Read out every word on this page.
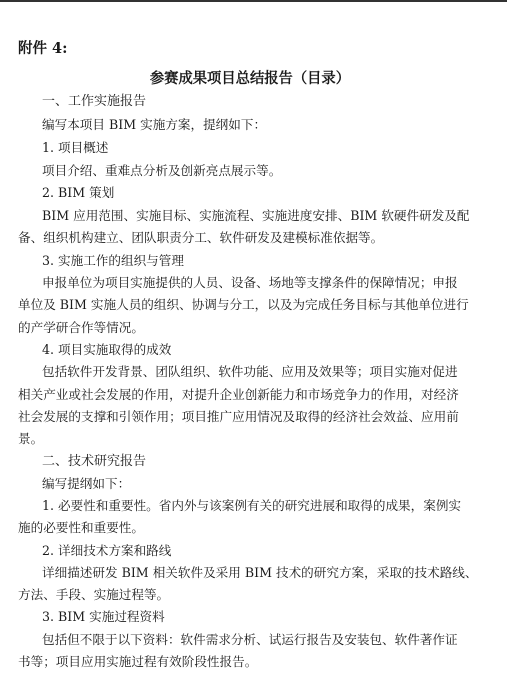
附件 4:
参赛成果项目总结报告（目录）
一、工作实施报告
编写本项目 BIM 实施方案，提纲如下：
1. 项目概述
项目介绍、重难点分析及创新亮点展示等。
2. BIM 策划
BIM 应用范围、实施目标、实施流程、实施进度安排、BIM 软硬件研发及配
备、组织机构建立、团队职责分工、软件研发及建模标准依据等。
3. 实施工作的组织与管理
申报单位为项目实施提供的人员、设备、场地等支撑条件的保障情况；申报
单位及 BIM 实施人员的组织、协调与分工，以及为完成任务目标与其他单位进行
的产学研合作等情况。
4. 项目实施取得的成效
包括软件开发背景、团队组织、软件功能、应用及效果等；项目实施对促进
相关产业或社会发展的作用，对提升企业创新能力和市场竞争力的作用，对经济
社会发展的支撑和引领作用；项目推广应用情况及取得的经济社会效益、应用前
景。
二、技术研究报告
编写提纲如下：
1. 必要性和重要性。省内外与该案例有关的研究进展和取得的成果，案例实
施的必要性和重要性。
2. 详细技术方案和路线
详细描述研发 BIM 相关软件及采用 BIM 技术的研究方案，采取的技术路线、
方法、手段、实施过程等。
3. BIM 实施过程资料
包括但不限于以下资料：软件需求分析、试运行报告及安装包、软件著作证
书等；项目应用实施过程有效阶段性报告。
